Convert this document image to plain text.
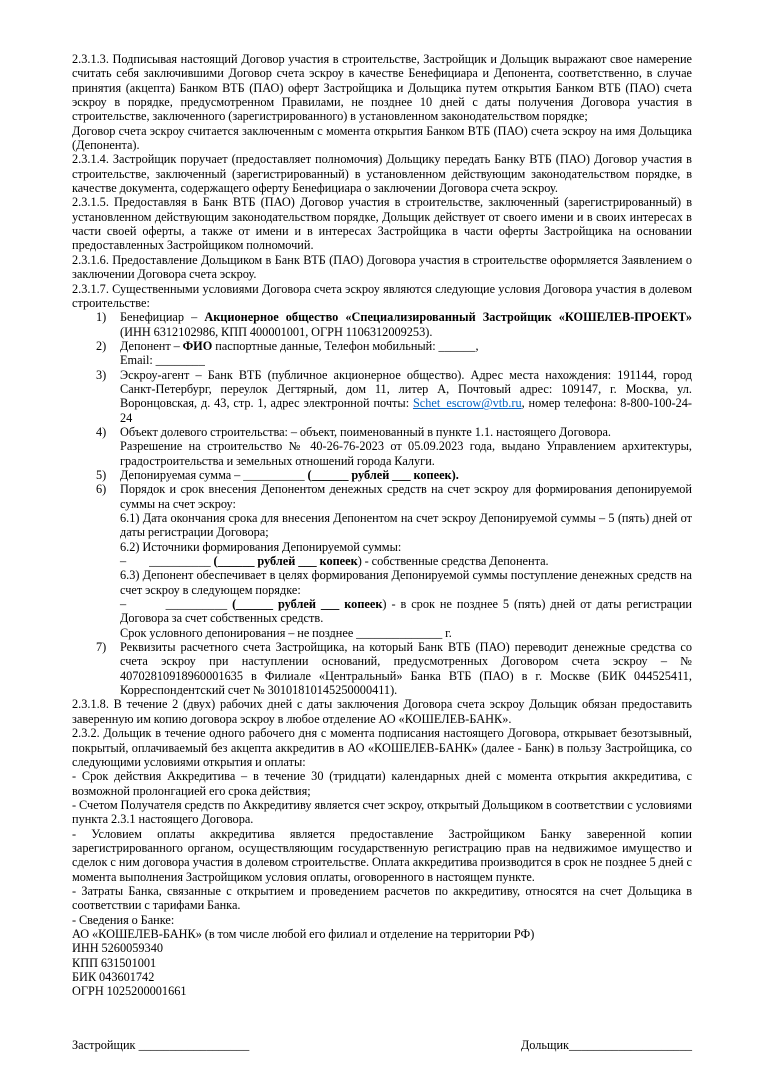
2.3.1.3. Подписывая настоящий Договор участия в строительстве, Застройщик и Дольщик выражают свое намерение считать себя заключившими Договор счета эскроу в качестве Бенефициара и Депонента, соответственно, в случае принятия (акцепта) Банком ВТБ (ПАО) оферт Застройщика и Дольщика путем открытия Банком ВТБ (ПАО) счета эскроу в порядке, предусмотренном Правилами, не позднее 10 дней с даты получения Договора участия в строительстве, заключенного (зарегистрированного) в установленном законодательством порядке;

Договор счета эскроу считается заключенным с момента открытия Банком ВТБ (ПАО) счета эскроу на имя Дольщика (Депонента).

2.3.1.4. Застройщик поручает (предоставляет полномочия) Дольщику передать Банку ВТБ (ПАО) Договор участия в строительстве, заключенный (зарегистрированный) в установленном действующим законодательством порядке, в качестве документа, содержащего оферту Бенефициара о заключении Договора счета эскроу.

2.3.1.5. Предоставляя в Банк ВТБ (ПАО) Договор участия в строительстве, заключенный (зарегистрированный) в установленном действующим законодательством порядке, Дольщик действует от своего имени и в своих интересах в части своей оферты, а также от имени и в интересах Застройщика в части оферты Застройщика на основании предоставленных Застройщиком полномочий.

2.3.1.6. Предоставление Дольщиком в Банк ВТБ (ПАО) Договора участия в строительстве оформляется Заявлением о заключении Договора счета эскроу.

2.3.1.7. Существенными условиями Договора счета эскроу являются следующие условия Договора участия в долевом строительстве:

1) Бенефициар – Акционерное общество «Специализированный Застройщик «КОШЕЛЕВ-ПРОЕКТ» (ИНН 6312102986, КПП 400001001, ОГРН 1106312009253).

2) Депонент – ФИО паспортные данные, Телефон мобильный: ______,

Email: ________

3) Эскроу-агент – Банк ВТБ (публичное акционерное общество). Адрес места нахождения: 191144, город Санкт-Петербург, переулок Дегтярный, дом 11, литер А, Почтовый адрес: 109147, г. Москва, ул. Воронцовская, д. 43, стр. 1, адрес электронной почты: Schet_escrow@vtb.ru, номер телефона: 8-800-100-24-24

4) Объект долевого строительства: – объект, поименованный в пункте 1.1. настоящего Договора.

Разрешение на строительство № 40-26-76-2023 от 05.09.2023 года, выдано Управлением архитектуры, градостроительства и земельных отношений города Калуги.

5) Депонируемая сумма – __________ (______ рублей ___ копеек).

6) Порядок и срок внесения Депонентом денежных средств на счет эскроу для формирования депонируемой суммы на счет эскроу:

6.1) Дата окончания срока для внесения Депонентом на счет эскроу Депонируемой суммы – 5 (пять) дней от даты регистрации Договора;

6.2) Источники формирования Депонируемой суммы:

–        __________ (______ рублей ___ копеек) - собственные средства Депонента.

6.3) Депонент обеспечивает в целях формирования Депонируемой суммы поступление денежных средств на счет эскроу в следующем порядке:

–        __________ (______ рублей ___ копеек) - в срок не позднее 5 (пять) дней от даты регистрации Договора за счет собственных средств.

Срок условного депонирования – не позднее ______________ г.

7) Реквизиты расчетного счета Застройщика, на который Банк ВТБ (ПАО) переводит денежные средства со счета эскроу при наступлении оснований, предусмотренных Договором счета эскроу – № 40702810918960001635 в Филиале «Центральный» Банка ВТБ (ПАО) в г. Москве (БИК 044525411, Корреспондентский счет № 30101810145250000411).

2.3.1.8. В течение 2 (двух) рабочих дней с даты заключения Договора счета эскроу Дольщик обязан предоставить заверенную им копию договора эскроу в любое отделение АО «КОШЕЛЕВ-БАНК».

2.3.2. Дольщик в течение одного рабочего дня с момента подписания настоящего Договора, открывает безотзывный, покрытый, оплачиваемый без акцепта аккредитив в АО «КОШЕЛЕВ-БАНК» (далее - Банк) в пользу Застройщика, со следующими условиями открытия и оплаты:

- Срок действия Аккредитива – в течение 30 (тридцати) календарных дней с момента открытия аккредитива, с возможной пролонгацией его срока действия;

- Счетом Получателя средств по Аккредитиву является счет эскроу, открытый Дольщиком в соответствии с условиями пункта 2.3.1 настоящего Договора.

- Условием оплаты аккредитива является предоставление Застройщиком Банку заверенной копии зарегистрированного органом, осуществляющим государственную регистрацию прав на недвижимое имущество и сделок с ним договора участия в долевом строительстве. Оплата аккредитива производится в срок не позднее 5 дней с момента выполнения Застройщиком условия оплаты, оговоренного в настоящем пункте.

- Затраты Банка, связанные с открытием и проведением расчетов по аккредитиву, относятся на счет Дольщика в соответствии с тарифами Банка.

- Сведения о Банке:

АО «КОШЕЛЕВ-БАНК» (в том числе любой его филиал и отделение на территории РФ)

ИНН 5260059340

КПП 631501001

БИК 043601742

ОГРН 1025200001661

Застройщик __________________	Дольщик____________________
